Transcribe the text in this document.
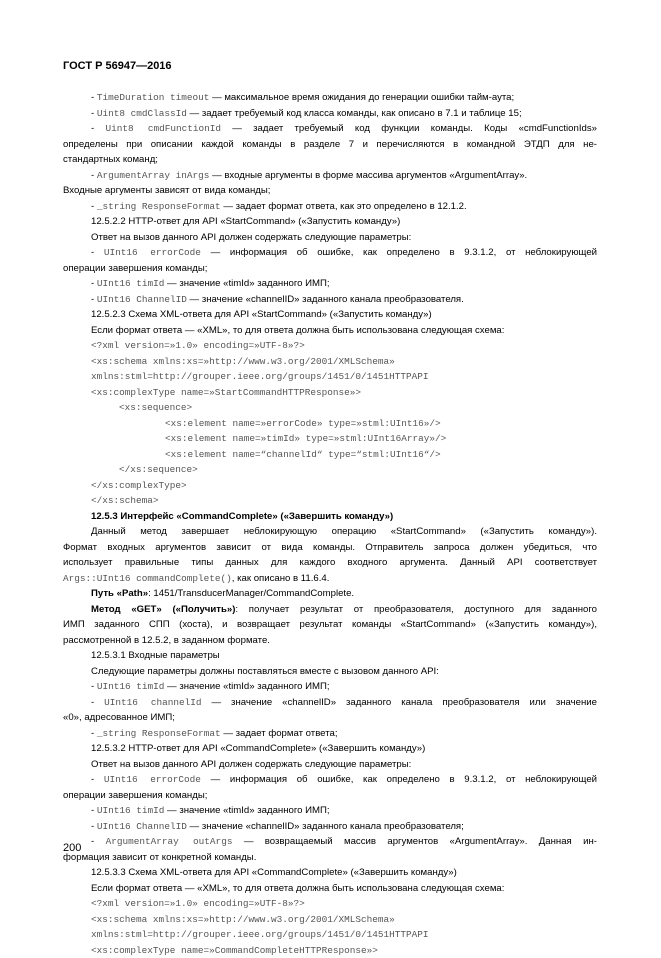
ГОСТ Р 56947—2016
- TimeDuration timeout — максимальное время ожидания до генерации ошибки тайм-аута;
- Uint8 cmdClassId — задает требуемый код класса команды, как описано в 7.1 и таблице 15;
- Uint8 cmdFunctionId — задает требуемый код функции команды. Коды «cmdFunctionIds»
определены при описании каждой команды в разделе 7 и перечисляются в командной ЭТДП для не-
стандартных команд;
- ArgumentArray inArgs — входные аргументы в форме массива аргументов «ArgumentArray».
Входные аргументы зависят от вида команды;
- _string ResponseFormat — задает формат ответа, как это определено в 12.1.2.
12.5.2.2 HTTP-ответ для API «StartCommand» («Запустить команду»)
Ответ на вызов данного API должен содержать следующие параметры:
- UInt16 errorCode — информация об ошибке, как определено в 9.3.1.2, от неблокирующей
операции завершения команды;
- UInt16 timId — значение «timId» заданного ИМП;
- UInt16 ChannelID — значение «channelID» заданного канала преобразователя.
12.5.2.3 Схема XML-ответа для API «StartCommand» («Запустить команду»)
Если формат ответа — «XML», то для ответа должна быть использована следующая схема:
<?xml version=»1.0» encoding=»UTF-8»?>
<xs:schema xmlns:xs=»http://www.w3.org/2001/XMLSchema»
xmlns:stml=http://grouper.ieee.org/groups/1451/0/1451HTTPAPI
<xs:complexType name=»StartCommandHTTPResponse»>
<xs:sequence>
<xs:element name=»errorCode» type=»stml:UInt16»/>
<xs:element name=»timId» type=»stml:UInt16Array»/>
<xs:element name=“channelId“ type=“stml:UInt16“/>
</xs:sequence>
</xs:complexType>
</xs:schema>
12.5.3 Интерфейс «CommandComplete» («Завершить команду»)
Данный метод завершает неблокирующую операцию «StartCommand» («Запустить команду»).
Формат входных аргументов зависит от вида команды. Отправитель запроса должен убедиться, что
использует правильные типы данных для каждого входного аргумента. Данный API соответствует
Args::UInt16 commandComplete(), как описано в 11.6.4.
Путь «Path»: 1451/TransducerManager/CommandComplete.
Метод «GET» («Получить»): получает результат от преобразователя, доступного для заданного
ИМП заданного СПП (хоста), и возвращает результат команды «StartCommand» («Запустить команду»),
рассмотренной в 12.5.2, в заданном формате.
12.5.3.1 Входные параметры
Следующие параметры должны поставляться вместе с вызовом данного API:
- UInt16 timId — значение «timId» заданного ИМП;
- UInt16 channelId — значение «channelID» заданного канала преобразователя или значение
«0», адресованное ИМП;
- _string ResponseFormat — задает формат ответа;
12.5.3.2 HTTP-ответ для API «CommandComplete» («Завершить команду»)
Ответ на вызов данного API должен содержать следующие параметры:
- UInt16 errorCode — информация об ошибке, как определено в 9.3.1.2, от неблокирующей
операции завершения команды;
- UInt16 timId — значение «timId» заданного ИМП;
- UInt16 ChannelID — значение «channelID» заданного канала преобразователя;
- ArgumentArray outArgs — возвращаемый массив аргументов «ArgumentArray». Данная ин-
формация зависит от конкретной команды.
12.5.3.3 Схема XML-ответа для API «CommandComplete» («Завершить команду»)
Если формат ответа — «XML», то для ответа должна быть использована следующая схема:
<?xml version=»1.0» encoding=»UTF-8»?>
<xs:schema xmlns:xs=»http://www.w3.org/2001/XMLSchema»
xmlns:stml=http://grouper.ieee.org/groups/1451/0/1451HTTPAPI
<xs:complexType name=»CommandCompleteHTTPResponse»>
200
